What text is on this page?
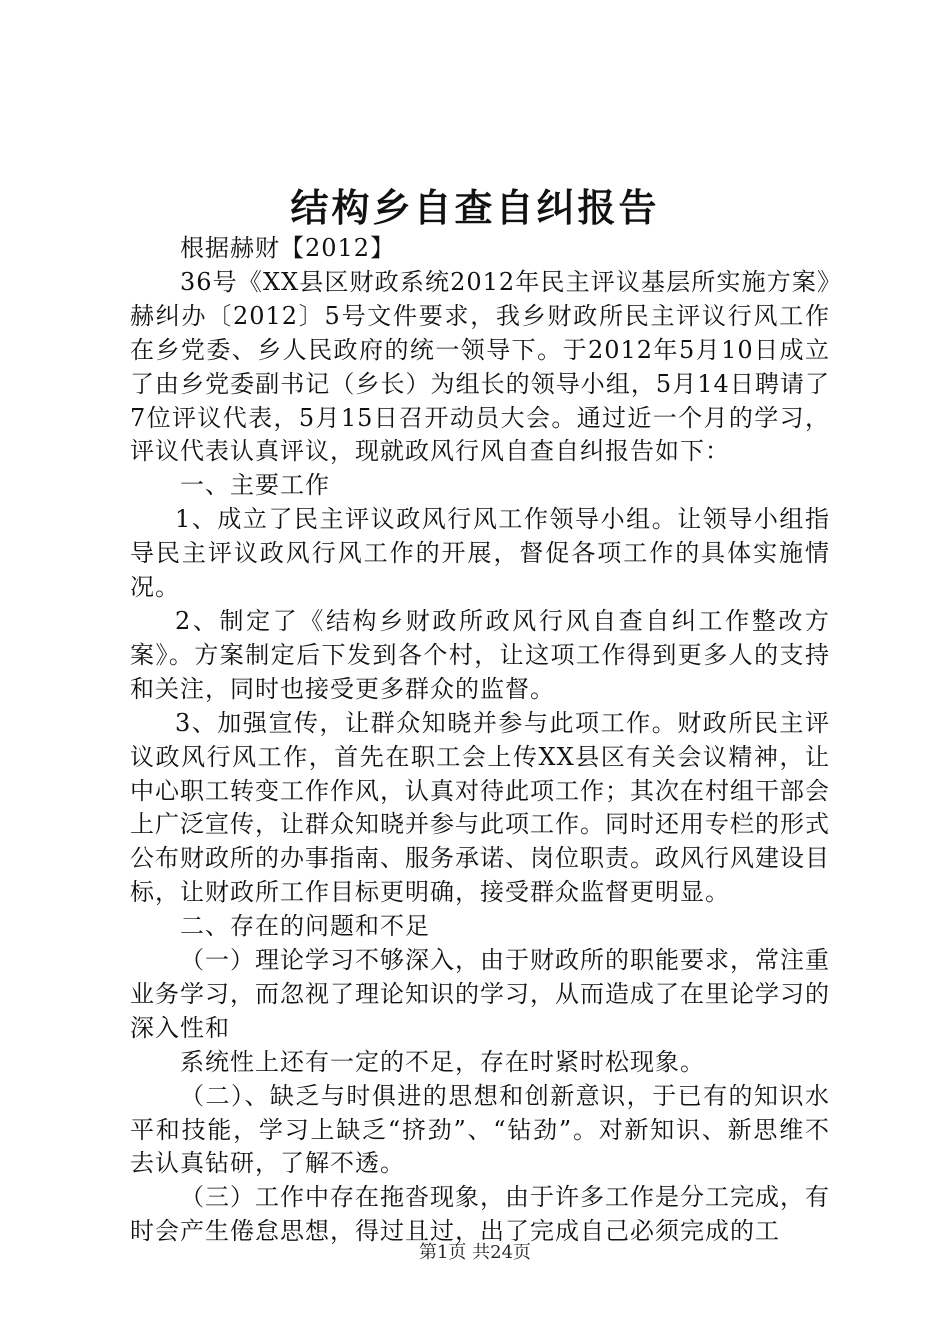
结构乡自查自纠报告

根据赫财【2012】

36号《XX县区财政系统2012年民主评议基层所实施方案》赫纠办〔2012〕5号文件要求，我乡财政所民主评议行风工作在乡党委、乡人民政府的统一领导下。于2012年5月10日成立了由乡党委副书记（乡长）为组长的领导小组，5月14日聘请了7位评议代表，5月15日召开动员大会。通过近一个月的学习，评议代表认真评议，现就政风行风自查自纠报告如下：

一、主要工作

1、成立了民主评议政风行风工作领导小组。让领导小组指导民主评议政风行风工作的开展，督促各项工作的具体实施情况。

2、制定了《结构乡财政所政风行风自查自纠工作整改方案》。方案制定后下发到各个村，让这项工作得到更多人的支持和关注，同时也接受更多群众的监督。

3、加强宣传，让群众知晓并参与此项工作。财政所民主评议政风行风工作，首先在职工会上传XX县区有关会议精神，让中心职工转变工作作风，认真对待此项工作；其次在村组干部会上广泛宣传，让群众知晓并参与此项工作。同时还用专栏的形式公布财政所的办事指南、服务承诺、岗位职责。政风行风建设目标，让财政所工作目标更明确，接受群众监督更明显。

二、存在的问题和不足

（一）理论学习不够深入，由于财政所的职能要求，常注重业务学习，而忽视了理论知识的学习，从而造成了在里论学习的深入性和

系统性上还有一定的不足，存在时紧时松现象。

（二）、缺乏与时俱进的思想和创新意识，于已有的知识水平和技能，学习上缺乏“挤劲”、“钻劲”。对新知识、新思维不去认真钻研，了解不透。

（三）工作中存在拖沓现象，由于许多工作是分工完成，有时会产生倦怠思想，得过且过，出了完成自己必须完成的工

第1页 共24页
